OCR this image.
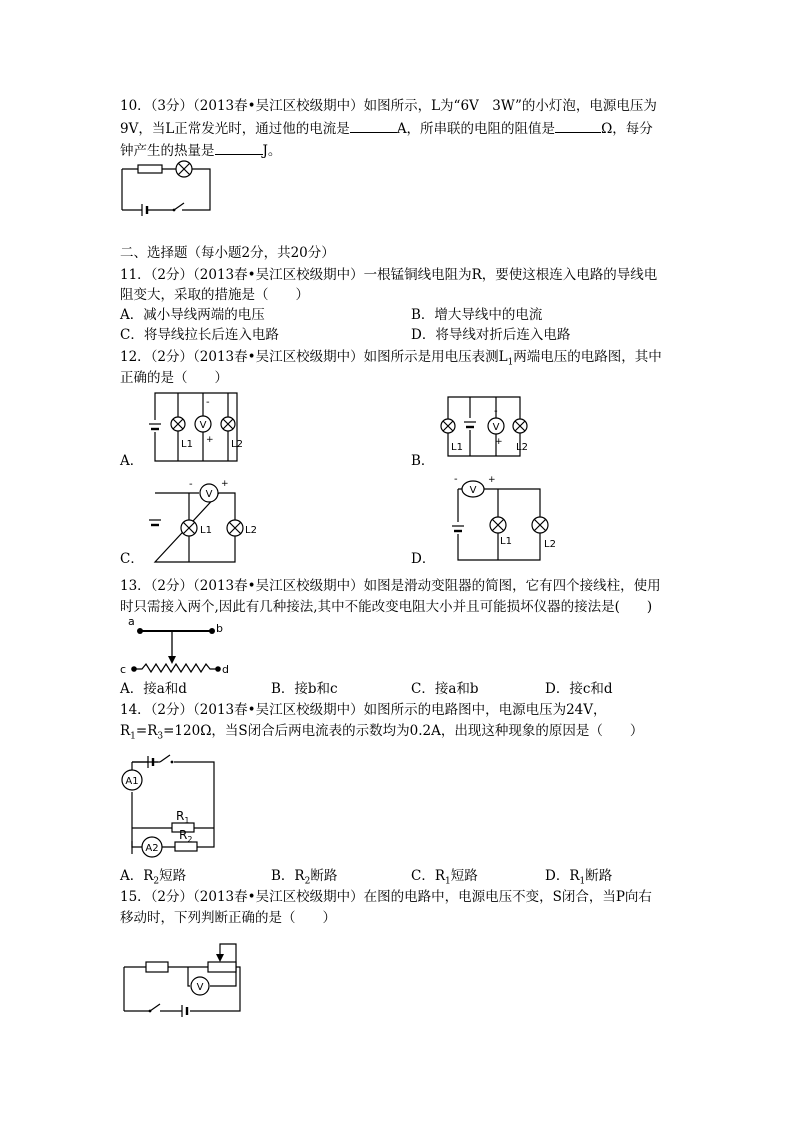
10．（3分）（2013春•吴江区校级期中）如图所示，L为“6V　3W”的小灯泡，电源电压为
9V，当L正常发光时，通过他的电流是	A，所串联的电阻的阻值是	Ω，每分
钟产生的热量是	J。
二、选择题（每小题2分，共20分）
11．（2分）（2013春•吴江区校级期中）一根锰铜线电阻为R，要使这根连入电路的导线电
阻变大，采取的措施是（　　）
A．减小导线两端的电压	B．增大导线中的电流
C．将导线拉长后连入电路	D．将导线对折后连入电路
12．（2分）（2013春•吴江区校级期中）如图所示是用电压表测$L_1$两端电压的电路图，其中
正确的是（　　）
A．
V
-
+
L1	L2
B．
V
-
+
L1	L2
C．
V
-	+
L1	L2
D．
V
-	+
L1	L2
13．（2分）（2013春•吴江区校级期中）如图是滑动变阻器的简图，它有四个接线柱，使用
时只需接入两个,因此有几种接法,其中不能改变电阻大小并且可能损坏仪器的接法是(　　)
a
b
c	d
A．接a和d	B．接b和c	C．接a和b	D．接c和d
14．（2分）（2013春•吴江区校级期中）如图所示的电路图中，电源电压为24V，
$R_1=R_3=120\Omega$，当S闭合后两电流表的示数均为0.2A，出现这种现象的原因是（　　）
A1
$R_1$
A2
$R_2$
A．$R_2$短路	B．$R_2$断路	C．$R_1$短路	D．$R_1$断路
15．（2分）（2013春•吴江区校级期中）在图的电路中，电源电压不变，S闭合，当P向右
移动时，下列判断正确的是（　　）
V
